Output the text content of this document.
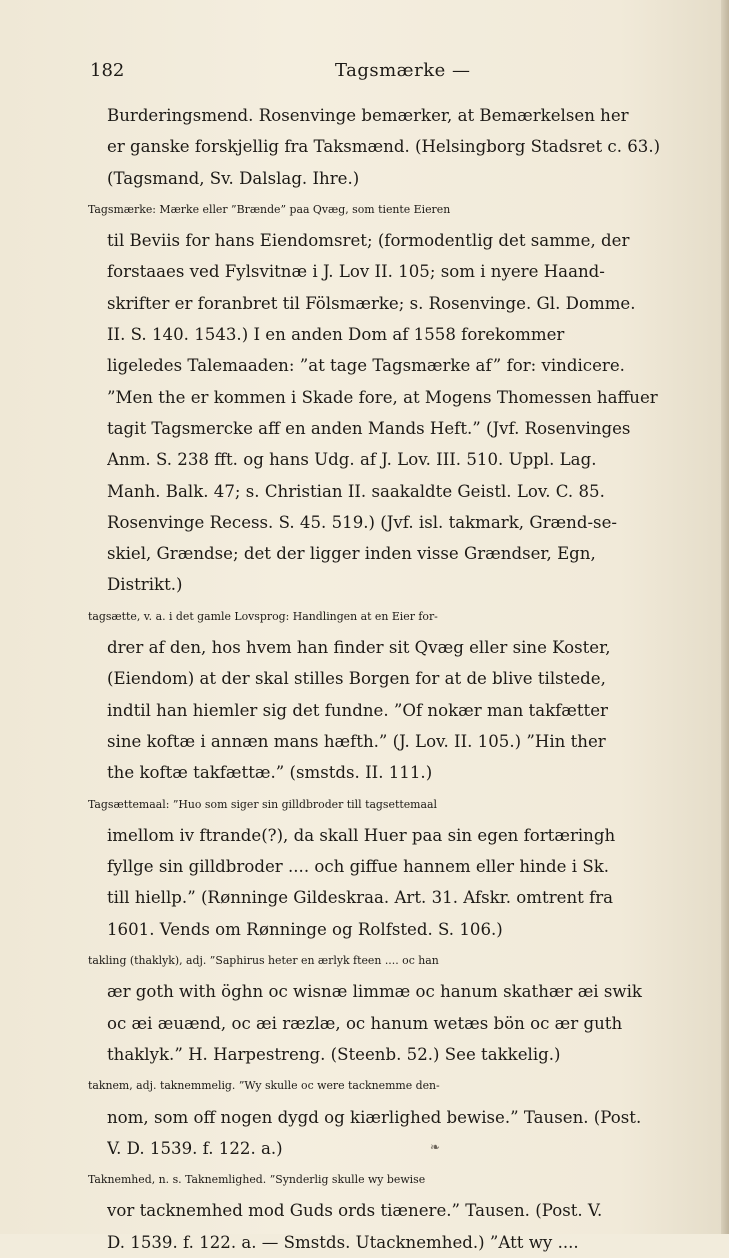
182	Tagsmærke —
Burderingsmend. Rosenvinge bemærker, at Bemærkelsen her
er ganske forskjellig fra Taksmænd. (Helsingborg Stadsret c. 63.)
(Tagsmand, Sv. Dalslag. Ihre.)
Tagsmærke: Mærke eller ”Brænde” paa Qvæg, som tiente Eieren
til Beviis for hans Eiendomsret; (formodentlig det samme, der
forstaaes ved Fylsvitnæ i J. Lov II. 105; som i nyere Haand-
skrifter er foranbret til Fölsmærke; s. Rosenvinge. Gl. Domme.
II. S. 140. 1543.) I en anden Dom af 1558 forekommer
ligeledes Talemaaden: ”at tage Tagsmærke af” for: vindicere.
”Men the er kommen i Skade fore, at Mogens Thomessen haffuer
tagit Tagsmercke aff en anden Mands Heft.” (Jvf. Rosenvinges
Anm. S. 238 fft. og hans Udg. af J. Lov. III. 510. Uppl. Lag.
Manh. Balk. 47; s. Christian II. saakaldte Geistl. Lov. C. 85.
Rosenvinge Recess. S. 45. 519.) (Jvf. isl. takmark, Grænd-se-
skiel, Grændse; det der ligger inden visse Grændser, Egn,
Distrikt.)
tagsætte, v. a. i det gamle Lovsprog: Handlingen at en Eier for-
drer af den, hos hvem han finder sit Qvæg eller sine Koster,
(Eiendom) at der skal stilles Borgen for at de blive tilstede,
indtil han hiemler sig det fundne. ”Of nokær man takfætter
sine koftæ i annæn mans hæfth.” (J. Lov. II. 105.) ”Hin ther
the koftæ takfættæ.” (smstds. II. 111.)
Tagsættemaal: ”Huo som siger sin gilldbroder till tagsettemaal
imellom iv ftrande(?), da skall Huer paa sin egen fortæringh
fyllge sin gilldbroder .... och giffue hannem eller hinde i Sk.
till hiellp.” (Rønninge Gildeskraa. Art. 31. Afskr. omtrent fra
1601. Vends om Rønninge og Rolfsted. S. 106.)
takling (thaklyk), adj. ”Saphirus heter en ærlyk fteen .... oc han
ær goth with öghn oc wisnæ limmæ oc hanum skathær æi swik
oc æi æuænd, oc æi ræzlæ, oc hanum wetæs bön oc ær guth
thaklyk.” H. Harpestreng. (Steenb. 52.) See takkelig.)
taknem, adj. taknemmelig. ”Wy skulle oc were tacknemme den-
nom, som off nogen dygd og kiærlighed bewise.” Tausen. (Post.
V. D. 1539. f. 122. a.)
Taknemhed, n. s. Taknemlighed. ”Synderlig skulle wy bewise
vor tacknemhed mod Guds ords tiænere.” Tausen. (Post. V.
D. 1539. f. 122. a. — Smstds. Utacknemhed.) ”Att wy ....
❧
